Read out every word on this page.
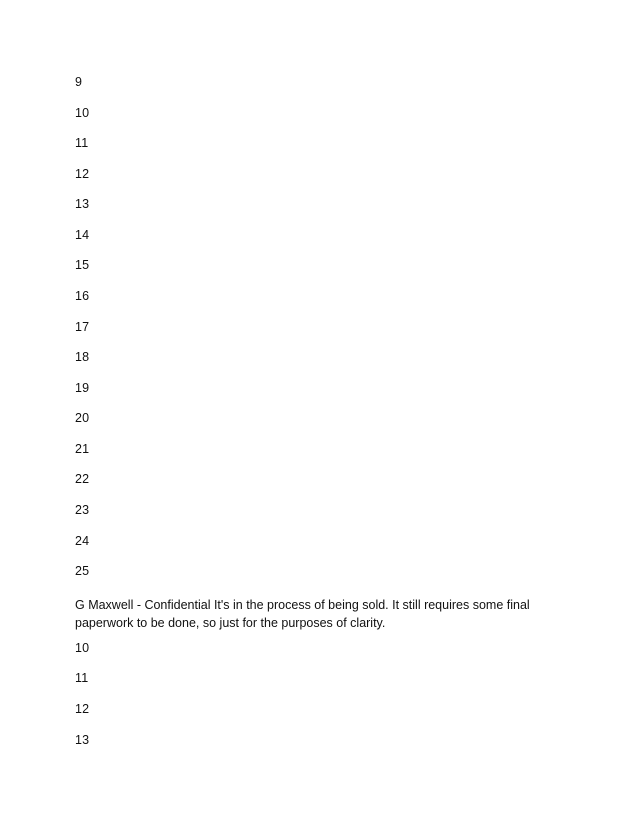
9
10
11
12
13
14
15
16
17
18
19
20
21
22
23
24
25
G Maxwell - Confidential It's in the process of being sold. It still requires some final paperwork to be done, so just for the purposes of clarity.
10
11
12
13
